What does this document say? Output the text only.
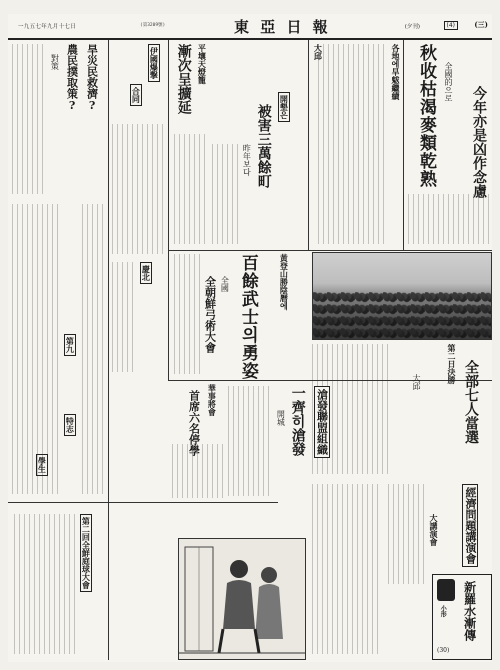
一九五七年九月十七日	(第3209號)	東 亞 日 報	(夕刊)	(4)	(三)
各地에旱魃繼續 秋收枯渴麥類乾熟 全國的으로
今年亦是凶作念慮
大邱
開墾은
被害三萬餘町
昨年보다
平壤天燈籠
漸次呈擴延
黃登山勝陰曆에
百餘武士의勇姿
全國
全朝鮮弓術大會
旱災民救濟?
農民撲取策?
對策	伊國爆撃
合同
慶北
第九
特志
學生
第二日決勝 全部七人當選
大邱
滄發聯盟組織
一齊히滄發
開城
華事將會
首席六名停學
第二回全鮮庭球大會	經濟問題講演會
大講演會
小形 新羅水漸傳
(30)
